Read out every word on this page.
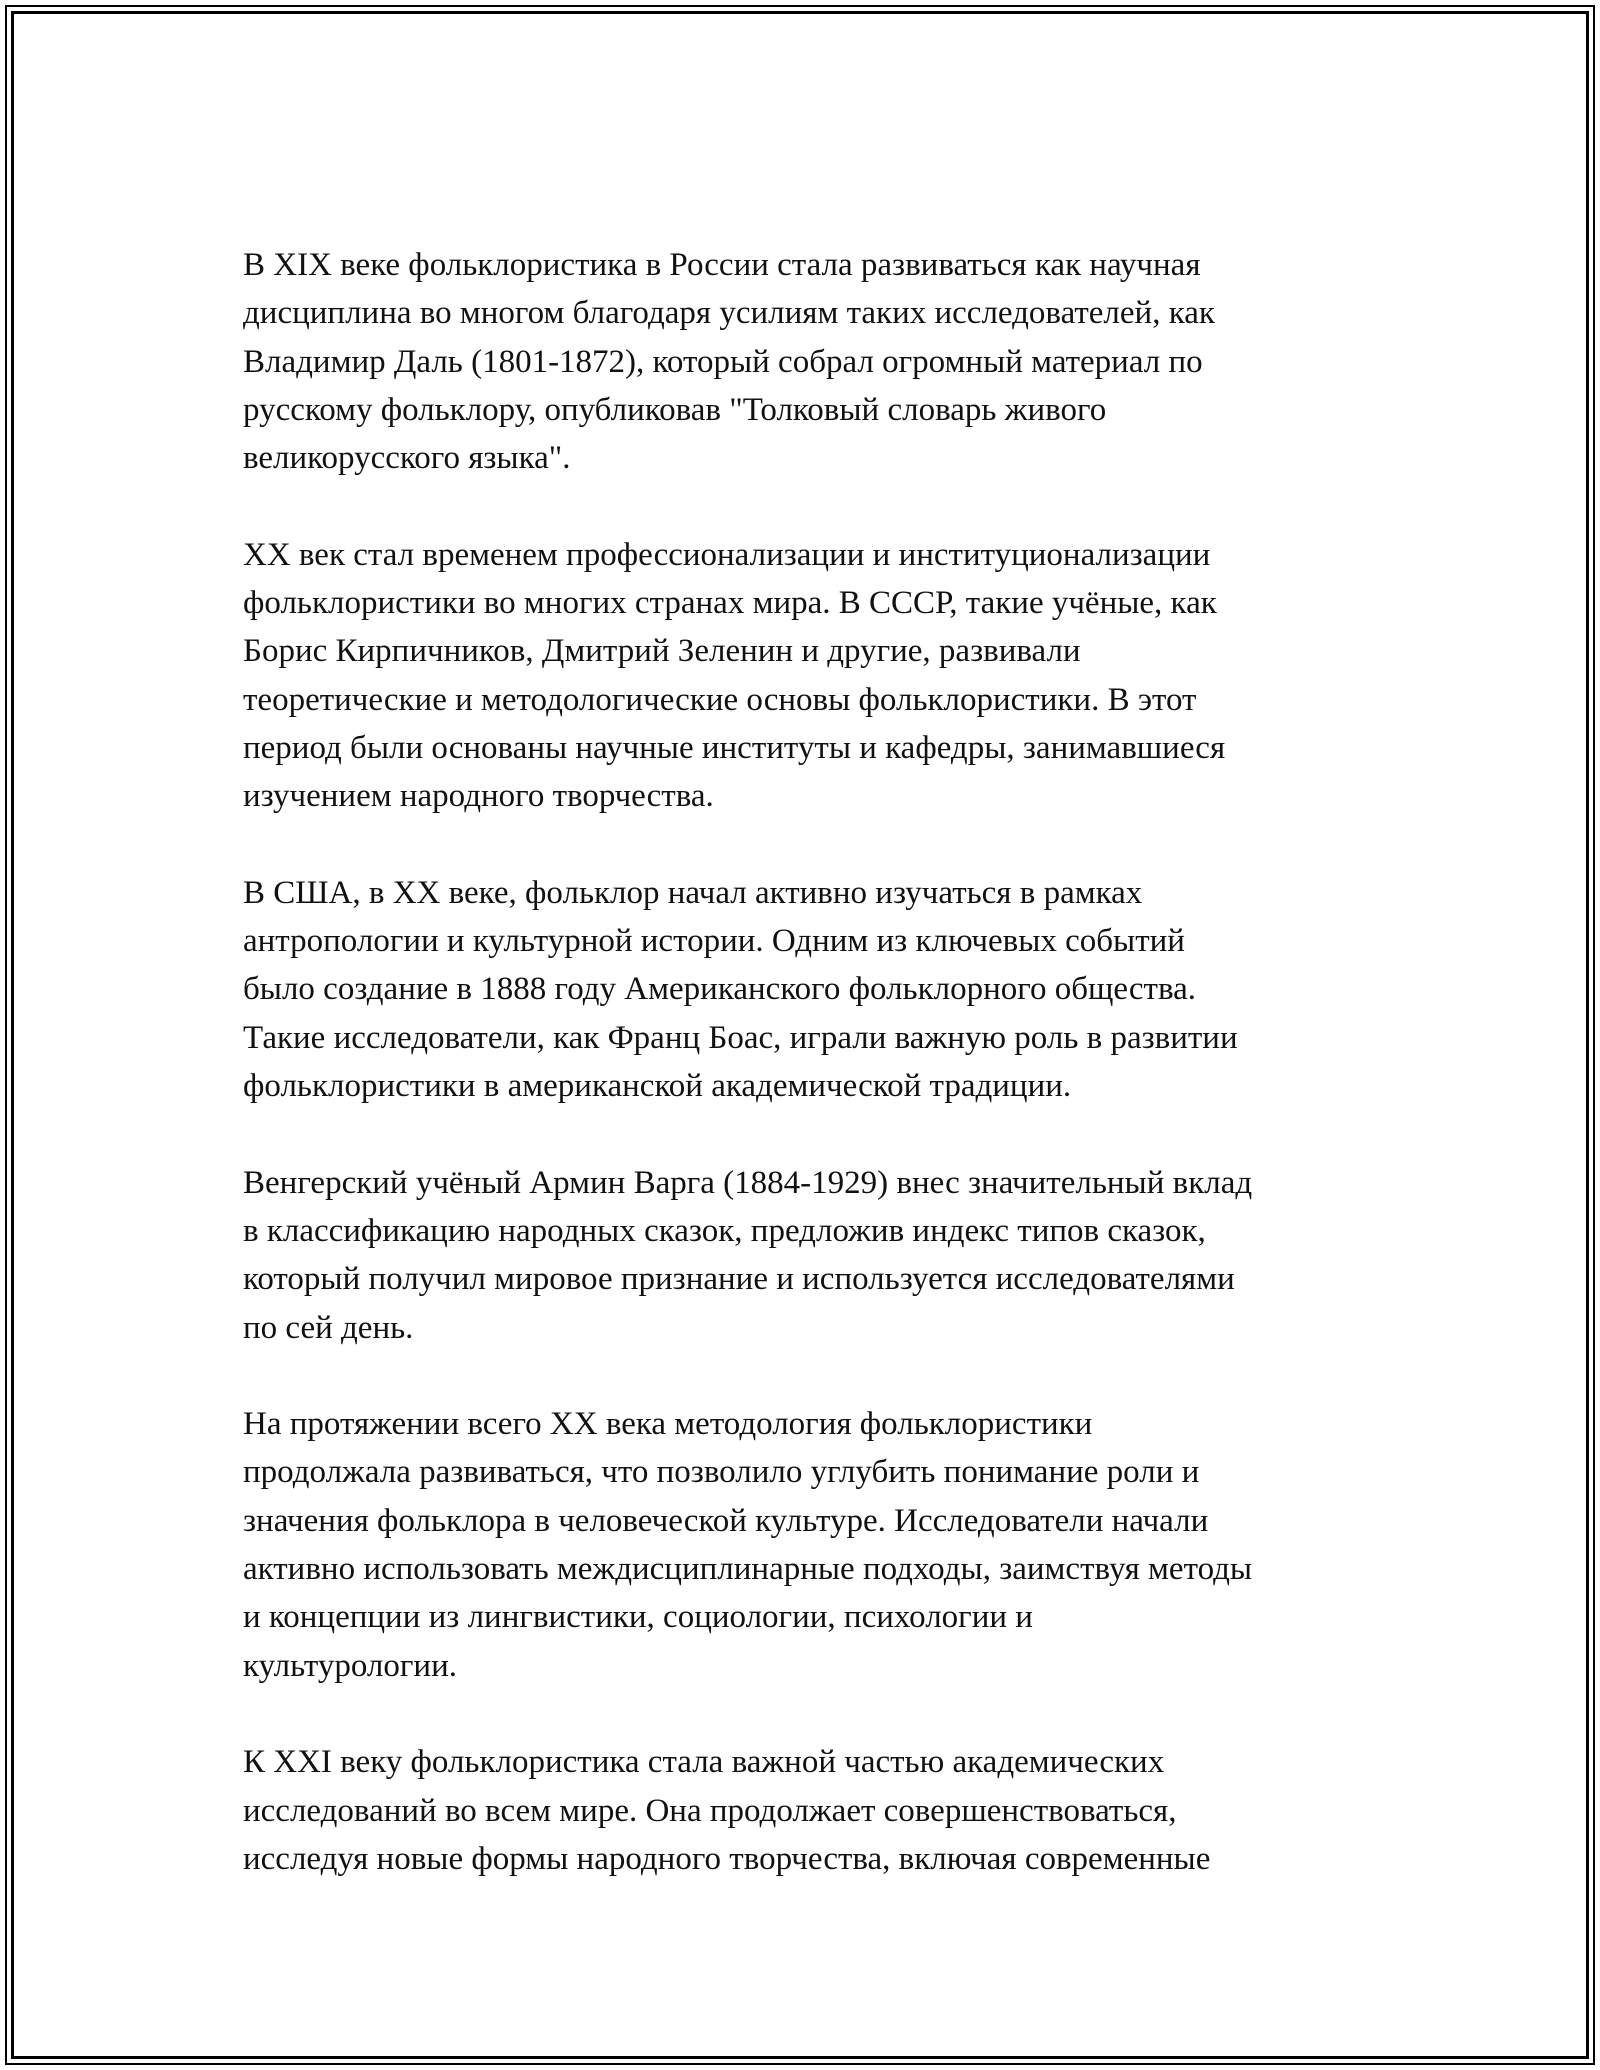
В XIX веке фольклористика в России стала развиваться как научная
дисциплина во многом благодаря усилиям таких исследователей, как
Владимир Даль (1801-1872), который собрал огромный материал по
русскому фольклору, опубликовав "Толковый словарь живого
великорусского языка".

XX век стал временем профессионализации и институционализации
фольклористики во многих странах мира. В СССР, такие учёные, как
Борис Кирпичников, Дмитрий Зеленин и другие, развивали
теоретические и методологические основы фольклористики. В этот
период были основаны научные институты и кафедры, занимавшиеся
изучением народного творчества.

В США, в XX веке, фольклор начал активно изучаться в рамках
антропологии и культурной истории. Одним из ключевых событий
было создание в 1888 году Американского фольклорного общества.
Такие исследователи, как Франц Боас, играли важную роль в развитии
фольклористики в американской академической традиции.

Венгерский учёный Армин Варга (1884-1929) внес значительный вклад
в классификацию народных сказок, предложив индекс типов сказок,
который получил мировое признание и используется исследователями
по сей день.

На протяжении всего XX века методология фольклористики
продолжала развиваться, что позволило углубить понимание роли и
значения фольклора в человеческой культуре. Исследователи начали
активно использовать междисциплинарные подходы, заимствуя методы
и концепции из лингвистики, социологии, психологии и
культурологии.

К XXI веку фольклористика стала важной частью академических
исследований во всем мире. Она продолжает совершенствоваться,
исследуя новые формы народного творчества, включая современные
